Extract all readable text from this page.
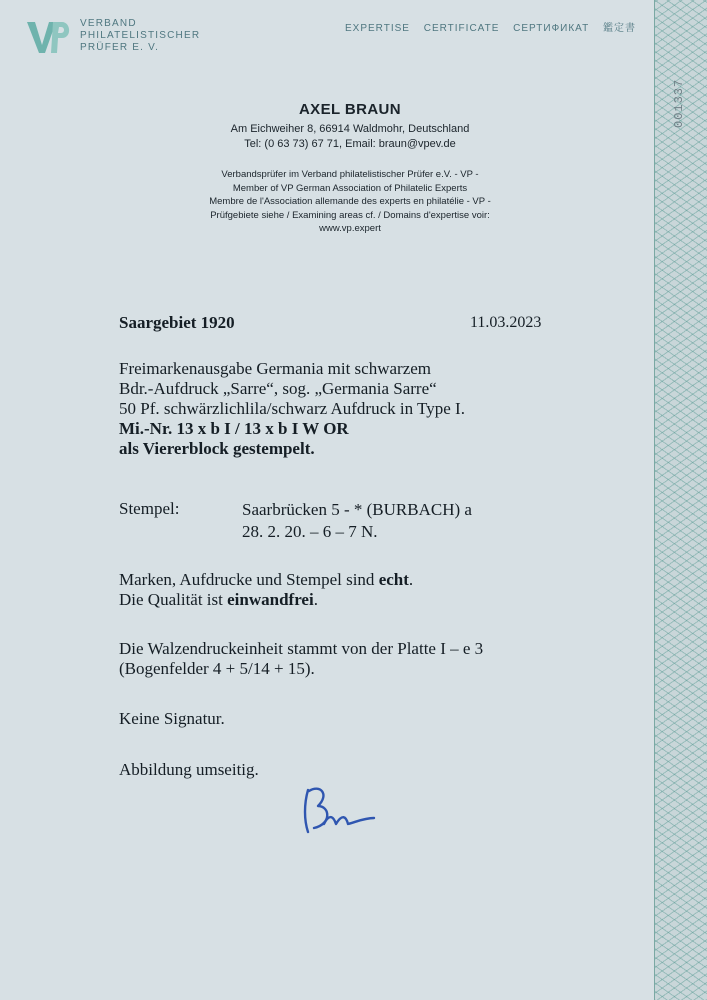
001337
VERBAND
PHILATELISTISCHER
PRÜFER E. V.
EXPERTISE CERTIFICATE СЕРТИФИКАТ 鑑定書
AXEL BRAUN
Am Eichweiher 8, 66914 Waldmohr, Deutschland
Tel: (0 63 73) 67 71, Email: braun@vpev.de
Verbandsprüfer im Verband philatelistischer Prüfer e.V. - VP -
Member of VP German Association of Philatelic Experts
Membre de l'Association allemande des experts en philatélie - VP -
Prüfgebiete siehe / Examining areas cf. / Domains d'expertise voir:
www.vp.expert
Saargebiet 1920	11.03.2023
Freimarkenausgabe Germania mit schwarzem
Bdr.-Aufdruck „Sarre“, sog. „Germania Sarre“
50 Pf. schwärzlichlila/schwarz Aufdruck in Type I.
Mi.-Nr. 13 x b I / 13 x b I W OR
als Viererblock gestempelt.
Stempel:	Saarbrücken 5 - * (BURBACH) a
28. 2. 20. – 6 – 7 N.
Marken, Aufdrucke und Stempel sind echt.
Die Qualität ist einwandfrei.
Die Walzendruckeinheit stammt von der Platte I – e 3
(Bogenfelder 4 + 5/14 + 15).
Keine Signatur.
Abbildung umseitig.
